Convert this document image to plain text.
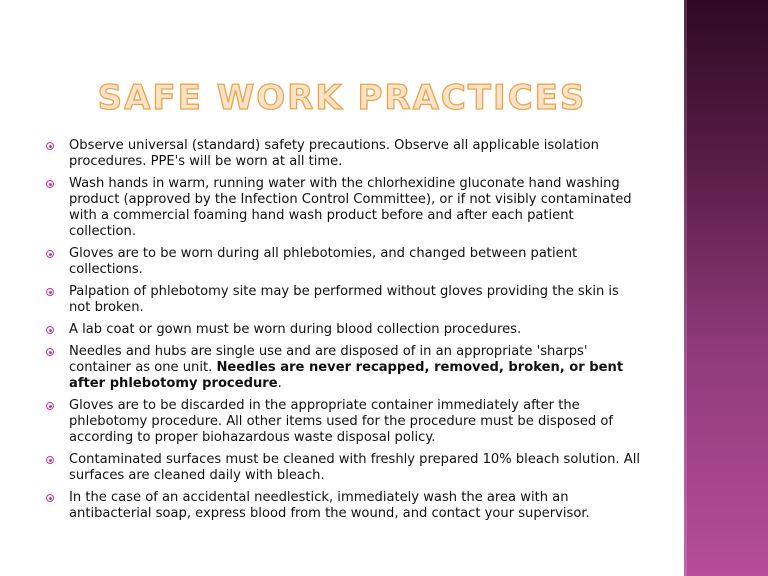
SAFE WORK PRACTICES
Observe universal (standard) safety precautions. Observe all applicable isolation procedures. PPE's will be worn at all time.
Wash hands in warm, running water with the chlorhexidine gluconate hand washing product (approved by the Infection Control Committee), or if not visibly contaminated with a commercial foaming hand wash product before and after each patient collection.
Gloves are to be worn during all phlebotomies, and changed between patient collections.
Palpation of phlebotomy site may be performed without gloves providing the skin is not broken.
A lab coat or gown must be worn during blood collection procedures.
Needles and hubs are single use and are disposed of in an appropriate 'sharps' container as one unit. Needles are never recapped, removed, broken, or bent after phlebotomy procedure.
Gloves are to be discarded in the appropriate container immediately after the phlebotomy procedure. All other items used for the procedure must be disposed of according to proper biohazardous waste disposal policy.
Contaminated surfaces must be cleaned with freshly prepared 10% bleach solution. All surfaces are cleaned daily with bleach.
In the case of an accidental needlestick, immediately wash the area with an antibacterial soap, express blood from the wound, and contact your supervisor.
